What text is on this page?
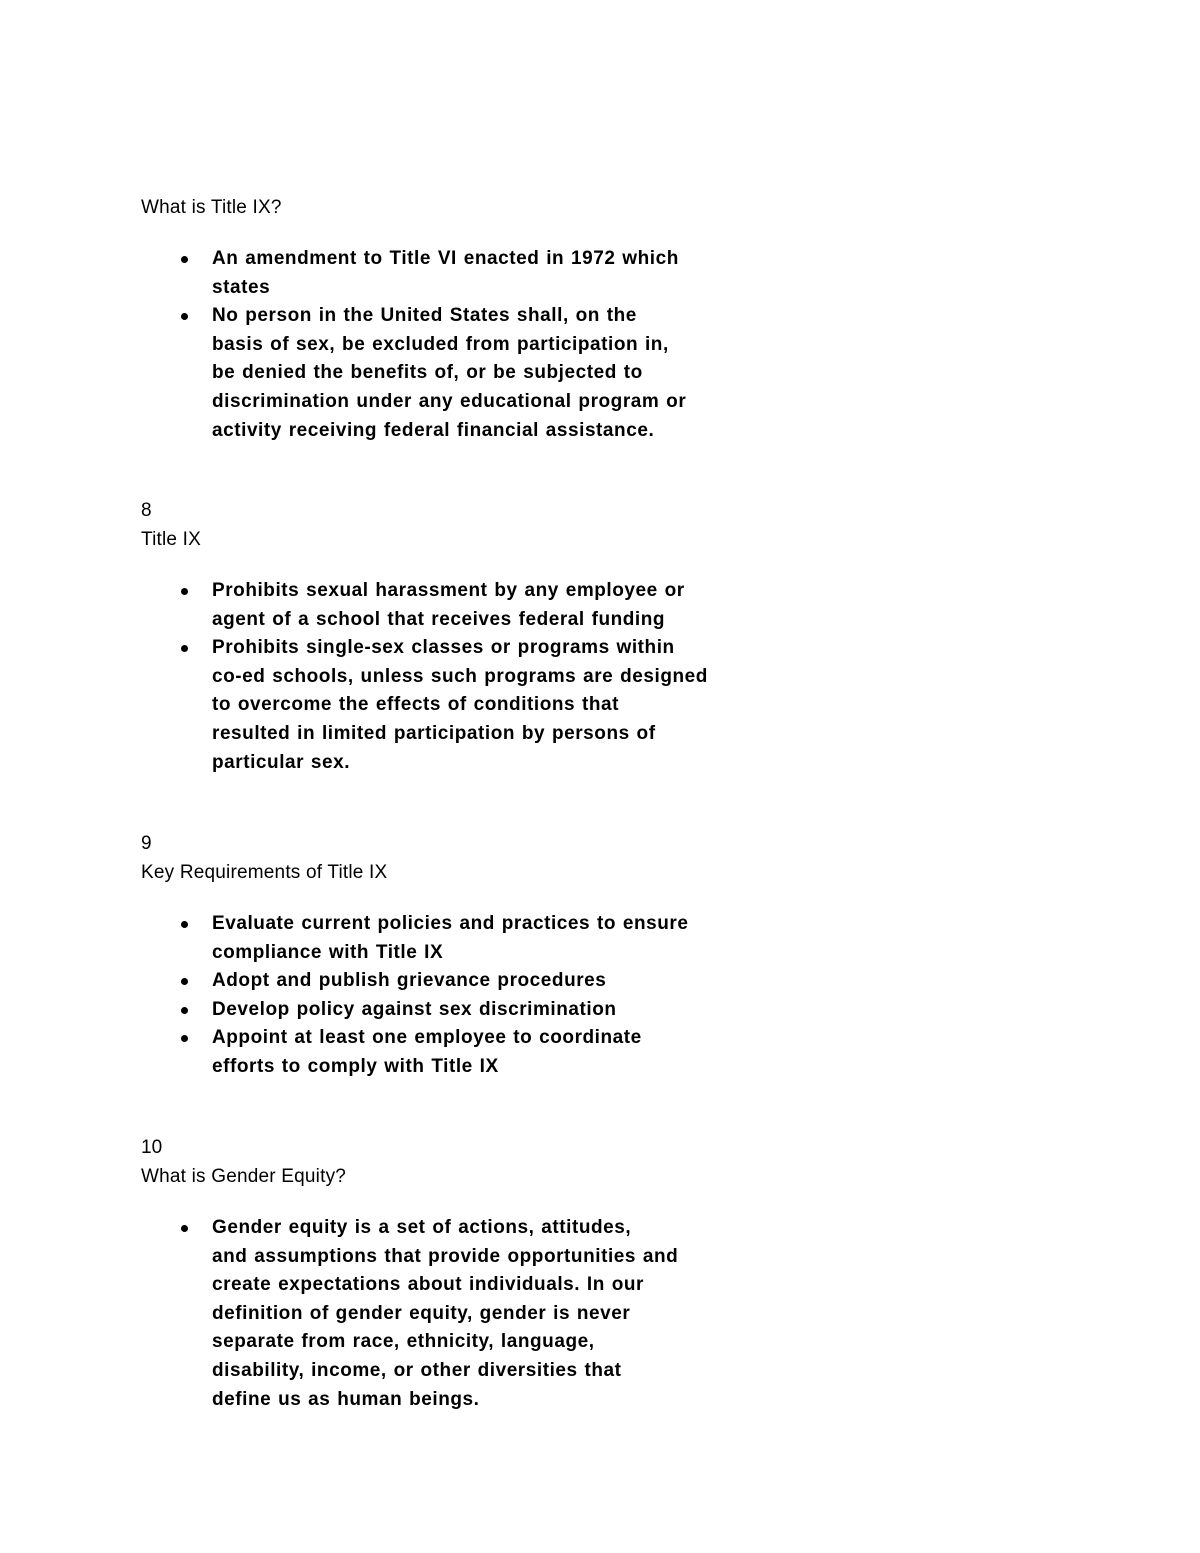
What is Title IX?
An amendment to Title VI enacted in 1972 which
states
No person in the United States shall, on the
basis of sex, be excluded from participation in,
be denied the benefits of, or be subjected to
discrimination under any educational program or
activity receiving federal financial assistance.
8
Title IX
Prohibits sexual harassment by any employee or
agent of a school that receives federal funding
Prohibits single-sex classes or programs within
co-ed schools, unless such programs are designed
to overcome the effects of conditions that
resulted in limited participation by persons of
particular sex.
9
Key Requirements of Title IX
Evaluate current policies and practices to ensure
compliance with Title IX
Adopt and publish grievance procedures
Develop policy against sex discrimination
Appoint at least one employee to coordinate
efforts to comply with Title IX
10
What is Gender Equity?
Gender equity is a set of actions, attitudes,
and assumptions that provide opportunities and
create expectations about individuals. In our
definition of gender equity, gender is never
separate from race, ethnicity, language,
disability, income, or other diversities that
define us as human beings.
